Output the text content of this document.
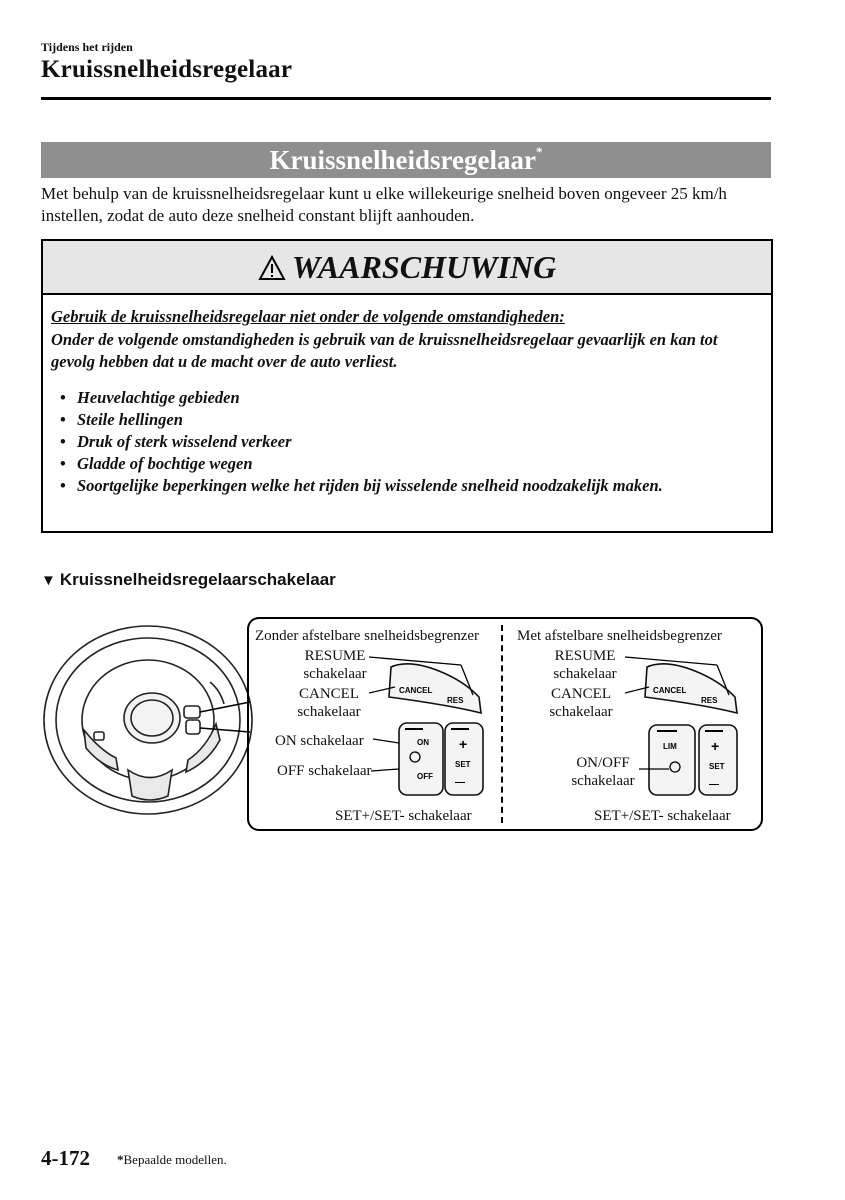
Tijdens het rijden
Kruissnelheidsregelaar
Kruissnelheidsregelaar*
Met behulp van de kruissnelheidsregelaar kunt u elke willekeurige snelheid boven ongeveer 25 km/h instellen, zodat de auto deze snelheid constant blijft aanhouden.
WAARSCHUWING
Gebruik de kruissnelheidsregelaar niet onder de volgende omstandigheden:
Onder de volgende omstandigheden is gebruik van de kruissnelheidsregelaar gevaarlijk en kan tot gevolg hebben dat u de macht over de auto verliest.
• Heuvelachtige gebieden
• Steile hellingen
• Druk of sterk wisselend verkeer
• Gladde of bochtige wegen
• Soortgelijke beperkingen welke het rijden bij wisselende snelheid noodzakelijk maken.
▼ Kruissnelheidsregelaarschakelaar
Zonder afstelbare snelheidsbegrenzer
RESUME
schakelaar
CANCEL
schakelaar
ON schakelaar
OFF schakelaar
SET+/SET- schakelaar
CANCEL
RES
ON
OFF
+
SET
—
Met afstelbare snelheidsbegrenzer
RESUME
schakelaar
CANCEL
schakelaar
ON/OFF
schakelaar
SET+/SET- schakelaar
CANCEL
RES
LIM +
SET
—
4-172 *Bepaalde modellen.
